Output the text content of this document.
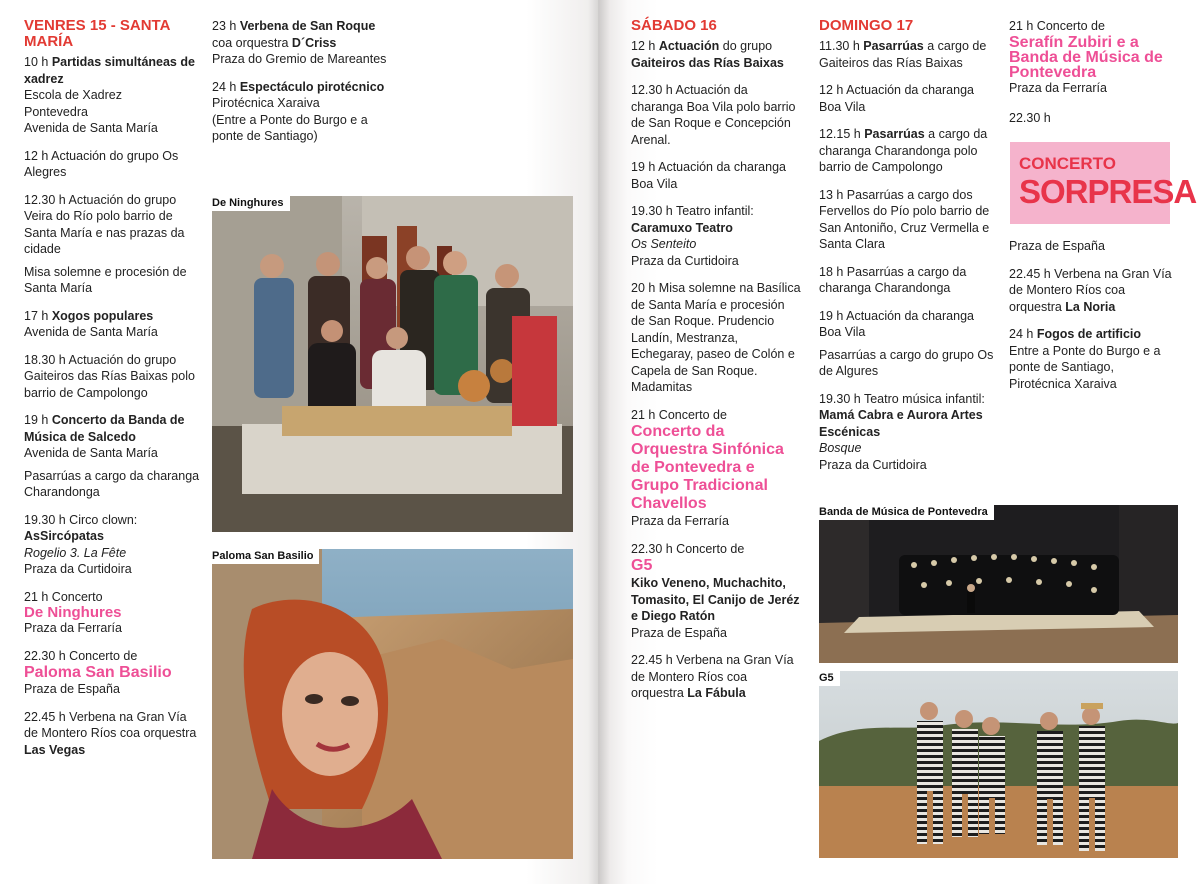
VENRES 15 - SANTA MARÍA
10 h Partidas simultáneas de xadrez
Escola de Xadrez
Pontevedra
Avenida de Santa María
12 h Actuación do grupo Os Alegres
12.30 h Actuación do grupo Veira do Río polo barrio de Santa María e nas prazas da cidade
Misa solemne e procesión de Santa María
17 h Xogos populares
Avenida de Santa María
18.30 h Actuación do grupo Gaiteiros das Rías Baixas polo barrio de Campolongo
19 h Concerto da Banda de Música de Salcedo
Avenida de Santa María
Pasarrúas a cargo da charanga Charandonga
19.30 h Circo clown:
AsSircópatas
Rogelio 3. La Fête
Praza da Curtidoira
21 h Concerto
De Ninghures
Praza da Ferraría
22.30 h Concerto de
Paloma San Basilio
Praza de España
22.45 h Verbena na Gran Vía de Montero Ríos coa orquestra Las Vegas
23 h Verbena de San Roque
coa orquestra D´Criss
Praza do Gremio de Mareantes
24 h Espectáculo pirotécnico
Pirotécnica Xaraiva
(Entre a Ponte do Burgo e a ponte de Santiago)
De Ninghures
Paloma San Basilio
SÁBADO 16
12 h Actuación do grupo
Gaiteiros das Rías Baixas
12.30 h Actuación da charanga Boa Vila polo barrio de San Roque e Concepción Arenal.
19 h Actuación da charanga Boa Vila
19.30 h Teatro infantil:
Caramuxo Teatro
Os Senteito
Praza da Curtidoira
20 h Misa solemne na Basílica de Santa María e procesión de San Roque. Prudencio Landín, Mestranza, Echegaray, paseo de Colón e Capela de San Roque. Madamitas
21 h Concerto de
Concerto da Orquestra Sinfónica de Pontevedra e Grupo Tradicional Chavellos
Praza da Ferraría
22.30 h Concerto de
G5
Kiko Veneno, Muchachito, Tomasito, El Canijo de Jeréz e Diego Ratón
Praza de España
22.45 h Verbena na Gran Vía de Montero Ríos coa orquestra La Fábula
DOMINGO 17
11.30 h Pasarrúas a cargo de Gaiteiros das Rías Baixas
12 h Actuación da charanga Boa Vila
12.15 h Pasarrúas a cargo da charanga Charandonga polo barrio de Campolongo
13 h Pasarrúas a cargo dos Fervellos do Pío polo barrio de San Antoniño, Cruz Vermella e Santa Clara
18 h Pasarrúas a cargo da charanga Charandonga
19 h Actuación da charanga Boa Vila
Pasarrúas a cargo do grupo Os de Algures
19.30 h Teatro música infantil:
Mamá Cabra e Aurora Artes Escénicas
Bosque
Praza da Curtidoira
21 h Concerto de
Serafín Zubiri e a Banda de Música de Pontevedra
Praza da Ferraría
22.30 h
CONCERTO
SORPRESA
Praza de España
22.45 h Verbena na Gran Vía de Montero Ríos coa orquestra La Noria
24 h Fogos de artificio
Entre a Ponte do Burgo e a ponte de Santiago, Pirotécnica Xaraiva
Banda de Música de Pontevedra
G5
